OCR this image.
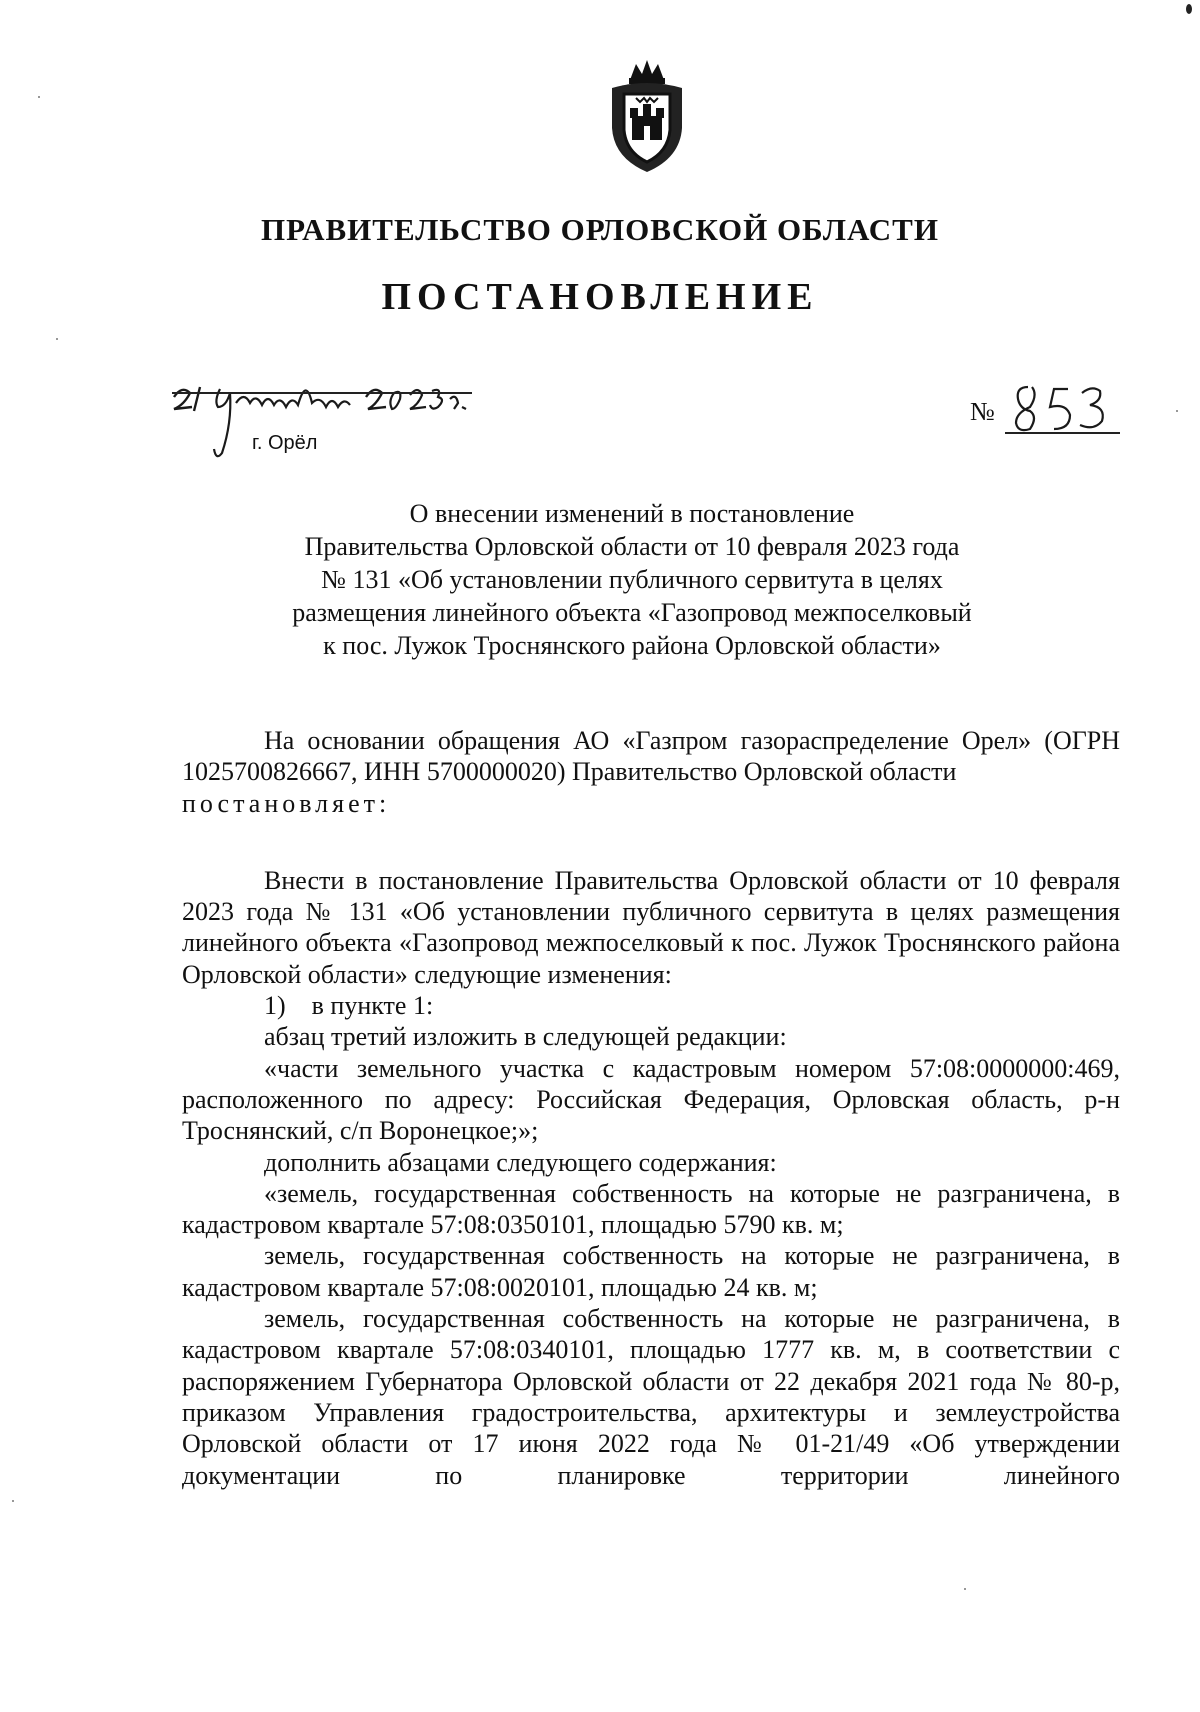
ПРАВИТЕЛЬСТВО ОРЛОВСКОЙ ОБЛАСТИ
ПОСТАНОВЛЕНИЕ
г. Орёл
№
О внесении изменений в постановление
Правительства Орловской области от 10 февраля 2023 года
№ 131 «Об установлении публичного сервитута в целях
размещения линейного объекта «Газопровод межпоселковый
к пос. Лужок Троснянского района Орловской области»

На основании обращения АО «Газпром газораспределение Орел» (ОГРН 1025700826667, ИНН 5700000020) Правительство Орловской области

постановляет:

Внести в постановление Правительства Орловской области от 10 февраля 2023 года № 131 «Об установлении публичного сервитута в целях размещения линейного объекта «Газопровод межпоселковый к пос. Лужок Троснянского района Орловской области» следующие изменения:

1) в пункте 1:

абзац третий изложить в следующей редакции:

«части земельного участка с кадастровым номером 57:08:0000000:469, расположенного по адресу: Российская Федерация, Орловская область, р-н Троснянский, с/п Воронецкое;»;

дополнить абзацами следующего содержания:

«земель, государственная собственность на которые не разграничена, в кадастровом квартале 57:08:0350101, площадью 5790 кв. м;

земель, государственная собственность на которые не разграничена, в кадастровом квартале 57:08:0020101, площадью 24 кв. м;

земель, государственная собственность на которые не разграничена, в кадастровом квартале 57:08:0340101, площадью 1777 кв. м, в соответствии с распоряжением Губернатора Орловской области от 22 декабря 2021 года № 80-р, приказом Управления градостроительства, архитектуры и землеустройства Орловской области от 17 июня 2022 года № 01-21/49 «Об утверждении документации по планировке территории линейного
